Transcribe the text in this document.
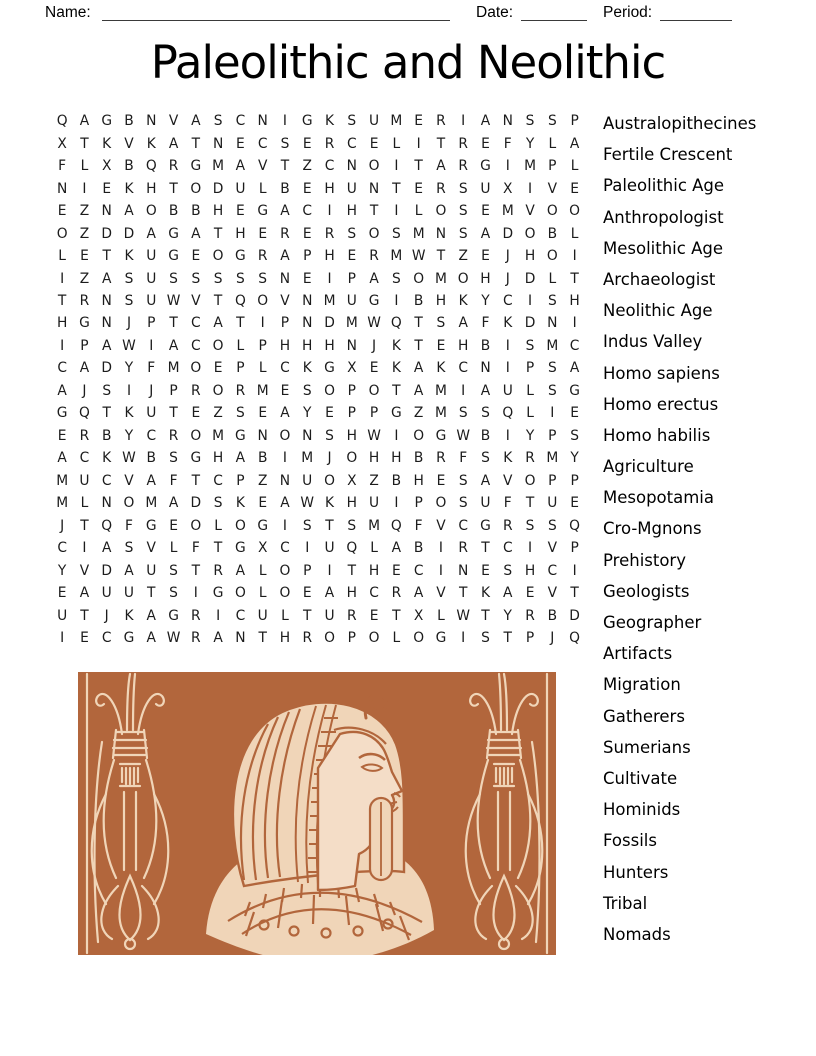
Name:	Date:	Period:
Paleolithic and Neolithic
Q A G B N V A S C N	I	G K S U M E R	I	A N S S P
X T K V K A T N E C S E R C E	L	I	T R E	F	Y	L A
F	L X B Q R G M A V T Z C N O	I	T A R G	I	M P	L
N	I	E K H T O D U L B E H U N T E R S U X	I	V E
E Z N A O B B H E G A C	I	H T	I	L O S E M V O O
O Z D D A G A T H E R E R S O S M N S A D O B L
L	E T K U G E O G R A P H E R M W T Z E	J	H O	I
I	Z A S U S S S S S N E	I	P A S O M O H	J	D L	T
T R N S U W V T Q O V N M U G	I	B H K Y C	I	S H
H G N	J	P	T C A T	I	P N D M W Q T S A F K D N	I
I	P A W I	A C O L	P H H H N	J	K T E H B	I	S M C
C A D Y	F M O E P	L C K G X E K A K C N	I	P S A
A	J	S	I	J	P R O R M E S O P O T A M	I	A U L	S G
G Q T K U T E Z S E A Y E P	P G Z M S S Q L	I	E
E R B Y C R O M G N O N S H W I	O G W B	I	Y	P S
A C K W B S G H A B	I	M	J	O H H B R F	S K R M Y
M U C V A F	T C P Z N U O X Z B H E S A V O P	P
M L N O M A D S K E A W K H U	I	P O S U F	T U E
J	T Q F G E O L O G	I	S T S M Q F V C G R S S Q
C	I	A S V L	F	T G X C	I	U Q L A B	I	R T C	I	V P
Y V D A U S T R A L O P	I	T H E C	I	N E S H C	I
E A U U T S	I	G O L O E A H C R A V T K A E V T
U T	J	K A G R	I	C U L	T U R E T X L W T	Y R B D
I	E C G A W R A N T H R O P O L O G	I	S T	P	J	Q
Australopithecines
Fertile Crescent
Paleolithic Age
Anthropologist
Mesolithic Age
Archaeologist
Neolithic Age
Indus Valley
Homo sapiens
Homo erectus
Homo habilis
Agriculture
Mesopotamia
Cro-Mgnons
Prehistory
Geologists
Geographer
Artifacts
Migration
Gatherers
Sumerians
Cultivate
Hominids
Fossils
Hunters
Tribal
Nomads
